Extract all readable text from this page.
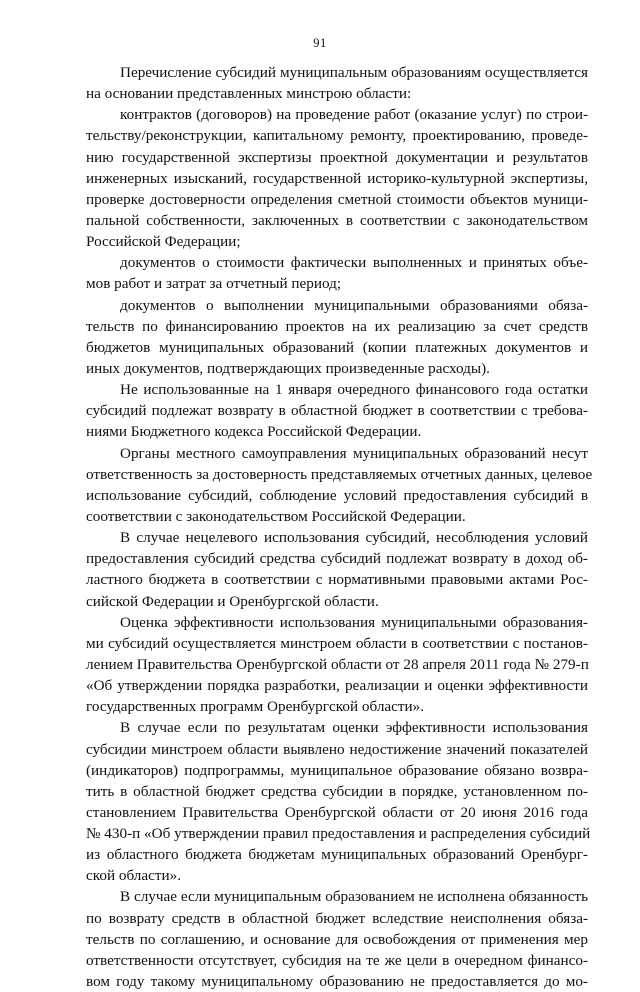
91
Перечисление субсидий муниципальным образованиям осуществляется
на основании представленных минстрою области:
контрактов (договоров) на проведение работ (оказание услуг) по строи-
тельству/реконструкции, капитальному ремонту, проектированию, проведе-
нию государственной экспертизы проектной документации и результатов
инженерных изысканий, государственной историко-культурной экспертизы,
проверке достоверности определения сметной стоимости объектов муници-
пальной собственности, заключенных в соответствии с законодательством
Российской Федерации;
документов о стоимости фактически выполненных и принятых объе-
мов работ и затрат за отчетный период;
документов о выполнении муниципальными образованиями обяза-
тельств по финансированию проектов на их реализацию за счет средств
бюджетов муниципальных образований (копии платежных документов и
иных документов, подтверждающих произведенные расходы).
Не использованные на 1 января очередного финансового года остатки
субсидий подлежат возврату в областной бюджет в соответствии с требова-
ниями Бюджетного кодекса Российской Федерации.
Органы местного самоуправления муниципальных образований несут
ответственность за достоверность представляемых отчетных данных, целевое
использование субсидий, соблюдение условий предоставления субсидий в
соответствии с законодательством Российской Федерации.
В случае нецелевого использования субсидий, несоблюдения условий
предоставления субсидий средства субсидий подлежат возврату в доход об-
ластного бюджета в соответствии с нормативными правовыми актами Рос-
сийской Федерации и Оренбургской области.
Оценка эффективности использования муниципальными образования-
ми субсидий осуществляется минстроем области в соответствии с постанов-
лением Правительства Оренбургской области от 28 апреля 2011 года № 279-п
«Об утверждении порядка разработки, реализации и оценки эффективности
государственных программ Оренбургской области».
В случае если по результатам оценки эффективности использования
субсидии минстроем области выявлено недостижение значений показателей
(индикаторов) подпрограммы, муниципальное образование обязано возвра-
тить в областной бюджет средства субсидии в порядке, установленном по-
становлением Правительства Оренбургской области от 20 июня 2016 года
№ 430-п «Об утверждении правил предоставления и распределения субсидий
из областного бюджета бюджетам муниципальных образований Оренбург-
ской области».
В случае если муниципальным образованием не исполнена обязанность
по возврату средств в областной бюджет вследствие неисполнения обяза-
тельств по соглашению, и основание для освобождения от применения мер
ответственности отсутствует, субсидия на те же цели в очередном финансо-
вом году такому муниципальному образованию не предоставляется до мо-
